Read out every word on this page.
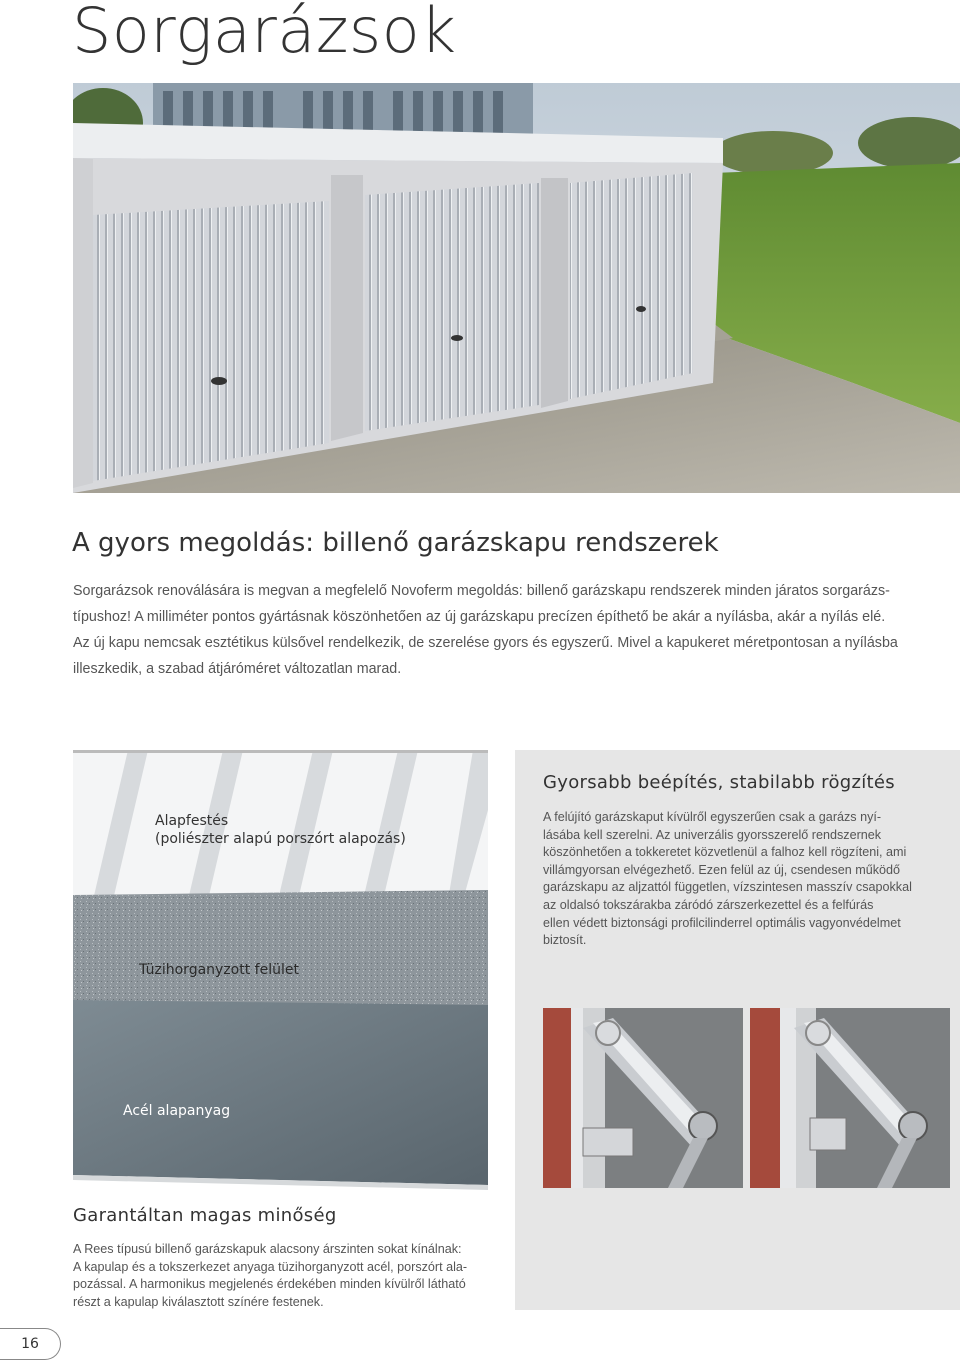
Sorgarázsok
A gyors megoldás: billenő garázskapu rendszerek

Sorgarázsok renoválására is megvan a megfelelő Novoferm megoldás: billenő garázskapu rendszerek minden járatos sorgarázs-
típushoz! A milliméter pontos gyártásnak köszönhetően az új garázskapu precízen építhető be akár a nyílásba, akár a nyílás elé.
Az új kapu nemcsak esztétikus külsővel rendelkezik, de szerelése gyors és egyszerű. Mivel a kapukeret méretpontosan a nyílásba
illeszkedik, a szabad átjáróméret változatlan marad.

Alapfestés
(poliészter alapú porszórt alapozás)
Tüzihorganyzott felület
Acél alapanyag
Gyorsabb beépítés, stabilabb rögzítés

A felújító garázskaput kívülről egyszerűen csak a garázs nyí-
lásába kell szerelni. Az univerzális gyorsszerelő rendszernek
köszönhetően a tokkeretet közvetlenül a falhoz kell rögzíteni, ami
villámgyorsan elvégezhető. Ezen felül az új, csendesen működő
garázskapu az aljzattól független, vízszintesen masszív csapokkal
az oldalsó tokszárakba záródó zárszerkezettel és a felfúrás
ellen védett biztonsági profilcilinderrel optimális vagyonvédelmet
biztosít.

Garantáltan magas minőség

A Rees típusú billenő garázskapuk alacsony árszinten sokat kínálnak:
A kapulap és a tokszerkezet anyaga tüzihorganyzott acél, porszórt ala-
pozással. A harmonikus megjelenés érdekében minden kívülről látható
részt a kapulap kiválasztott színére festenek.

16
